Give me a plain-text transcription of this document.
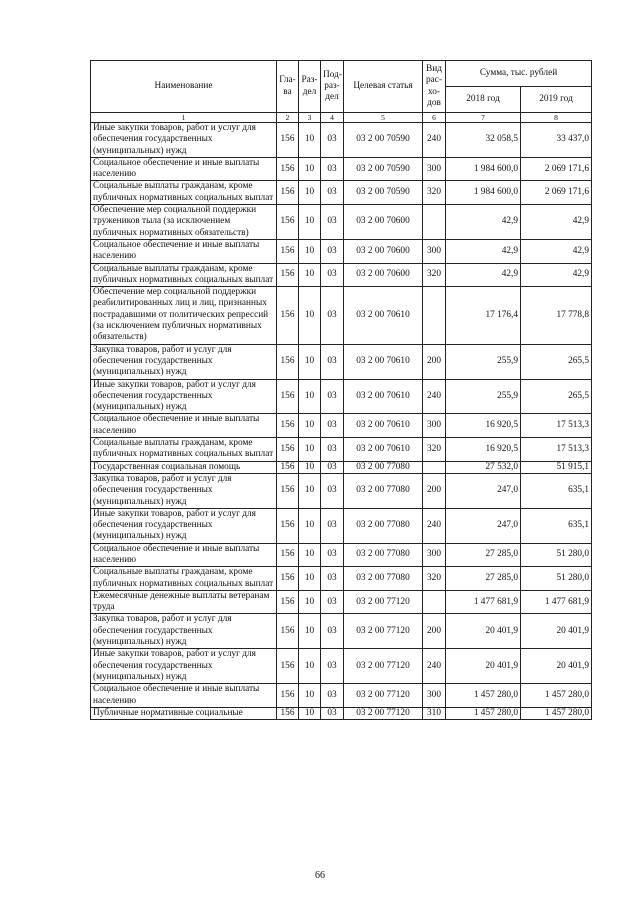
Наименование	Гла-ва	Раз-дел	Под-раз-дел	Целевая статья	Вид рас-хо-дов	Сумма, тыс. рублей	
						2018 год	2019 год
1	2	3	4	5	6	7	8
Иные закупки товаров, работ и услуг для обеспечения государственных (муниципальных) нужд	156	10	03	03 2 00 70590	240	32 058,5	33 437,0
Социальное обеспечение и иные выплаты населению	156	10	03	03 2 00 70590	300	1 984 600,0	2 069 171,6
Социальные выплаты гражданам, кроме публичных нормативных социальных выплат	156	10	03	03 2 00 70590	320	1 984 600,0	2 069 171,6
Обеспечение мер социальной поддержки тружеников тыла (за исключением публичных нормативных обязательств)	156	10	03	03 2 00 70600		42,9	42,9
Социальное обеспечение и иные выплаты населению	156	10	03	03 2 00 70600	300	42,9	42,9
Социальные выплаты гражданам, кроме публичных нормативных социальных выплат	156	10	03	03 2 00 70600	320	42,9	42,9
Обеспечение мер социальной поддержки реабилитированных лиц и лиц, признанных пострадавшими от политических репрессий (за исключением публичных нормативных обязательств)	156	10	03	03 2 00 70610		17 176,4	17 778,8
Закупка товаров, работ и услуг для обеспечения государственных (муниципальных) нужд	156	10	03	03 2 00 70610	200	255,9	265,5
Иные закупки товаров, работ и услуг для обеспечения государственных (муниципальных) нужд	156	10	03	03 2 00 70610	240	255,9	265,5
Социальное обеспечение и иные выплаты населению	156	10	03	03 2 00 70610	300	16 920,5	17 513,3
Социальные выплаты гражданам, кроме публичных нормативных социальных выплат	156	10	03	03 2 00 70610	320	16 920,5	17 513,3
Государственная социальная помощь	156	10	03	03 2 00 77080		27 532,0	51 915,1
Закупка товаров, работ и услуг для обеспечения государственных (муниципальных) нужд	156	10	03	03 2 00 77080	200	247,0	635,1
Иные закупки товаров, работ и услуг для обеспечения государственных (муниципальных) нужд	156	10	03	03 2 00 77080	240	247,0	635,1
Социальное обеспечение и иные выплаты населению	156	10	03	03 2 00 77080	300	27 285,0	51 280,0
Социальные выплаты гражданам, кроме публичных нормативных социальных выплат	156	10	03	03 2 00 77080	320	27 285,0	51 280,0
Ежемесячные денежные выплаты ветеранам труда	156	10	03	03 2 00 77120		1 477 681,9	1 477 681,9
Закупка товаров, работ и услуг для обеспечения государственных (муниципальных) нужд	156	10	03	03 2 00 77120	200	20 401,9	20 401,9
Иные закупки товаров, работ и услуг для обеспечения государственных (муниципальных) нужд	156	10	03	03 2 00 77120	240	20 401,9	20 401,9
Социальное обеспечение и иные выплаты населению	156	10	03	03 2 00 77120	300	1 457 280,0	1 457 280,0
Публичные нормативные социальные	156	10	03	03 2 00 77120	310	1 457 280,0	1 457 280,0
66
